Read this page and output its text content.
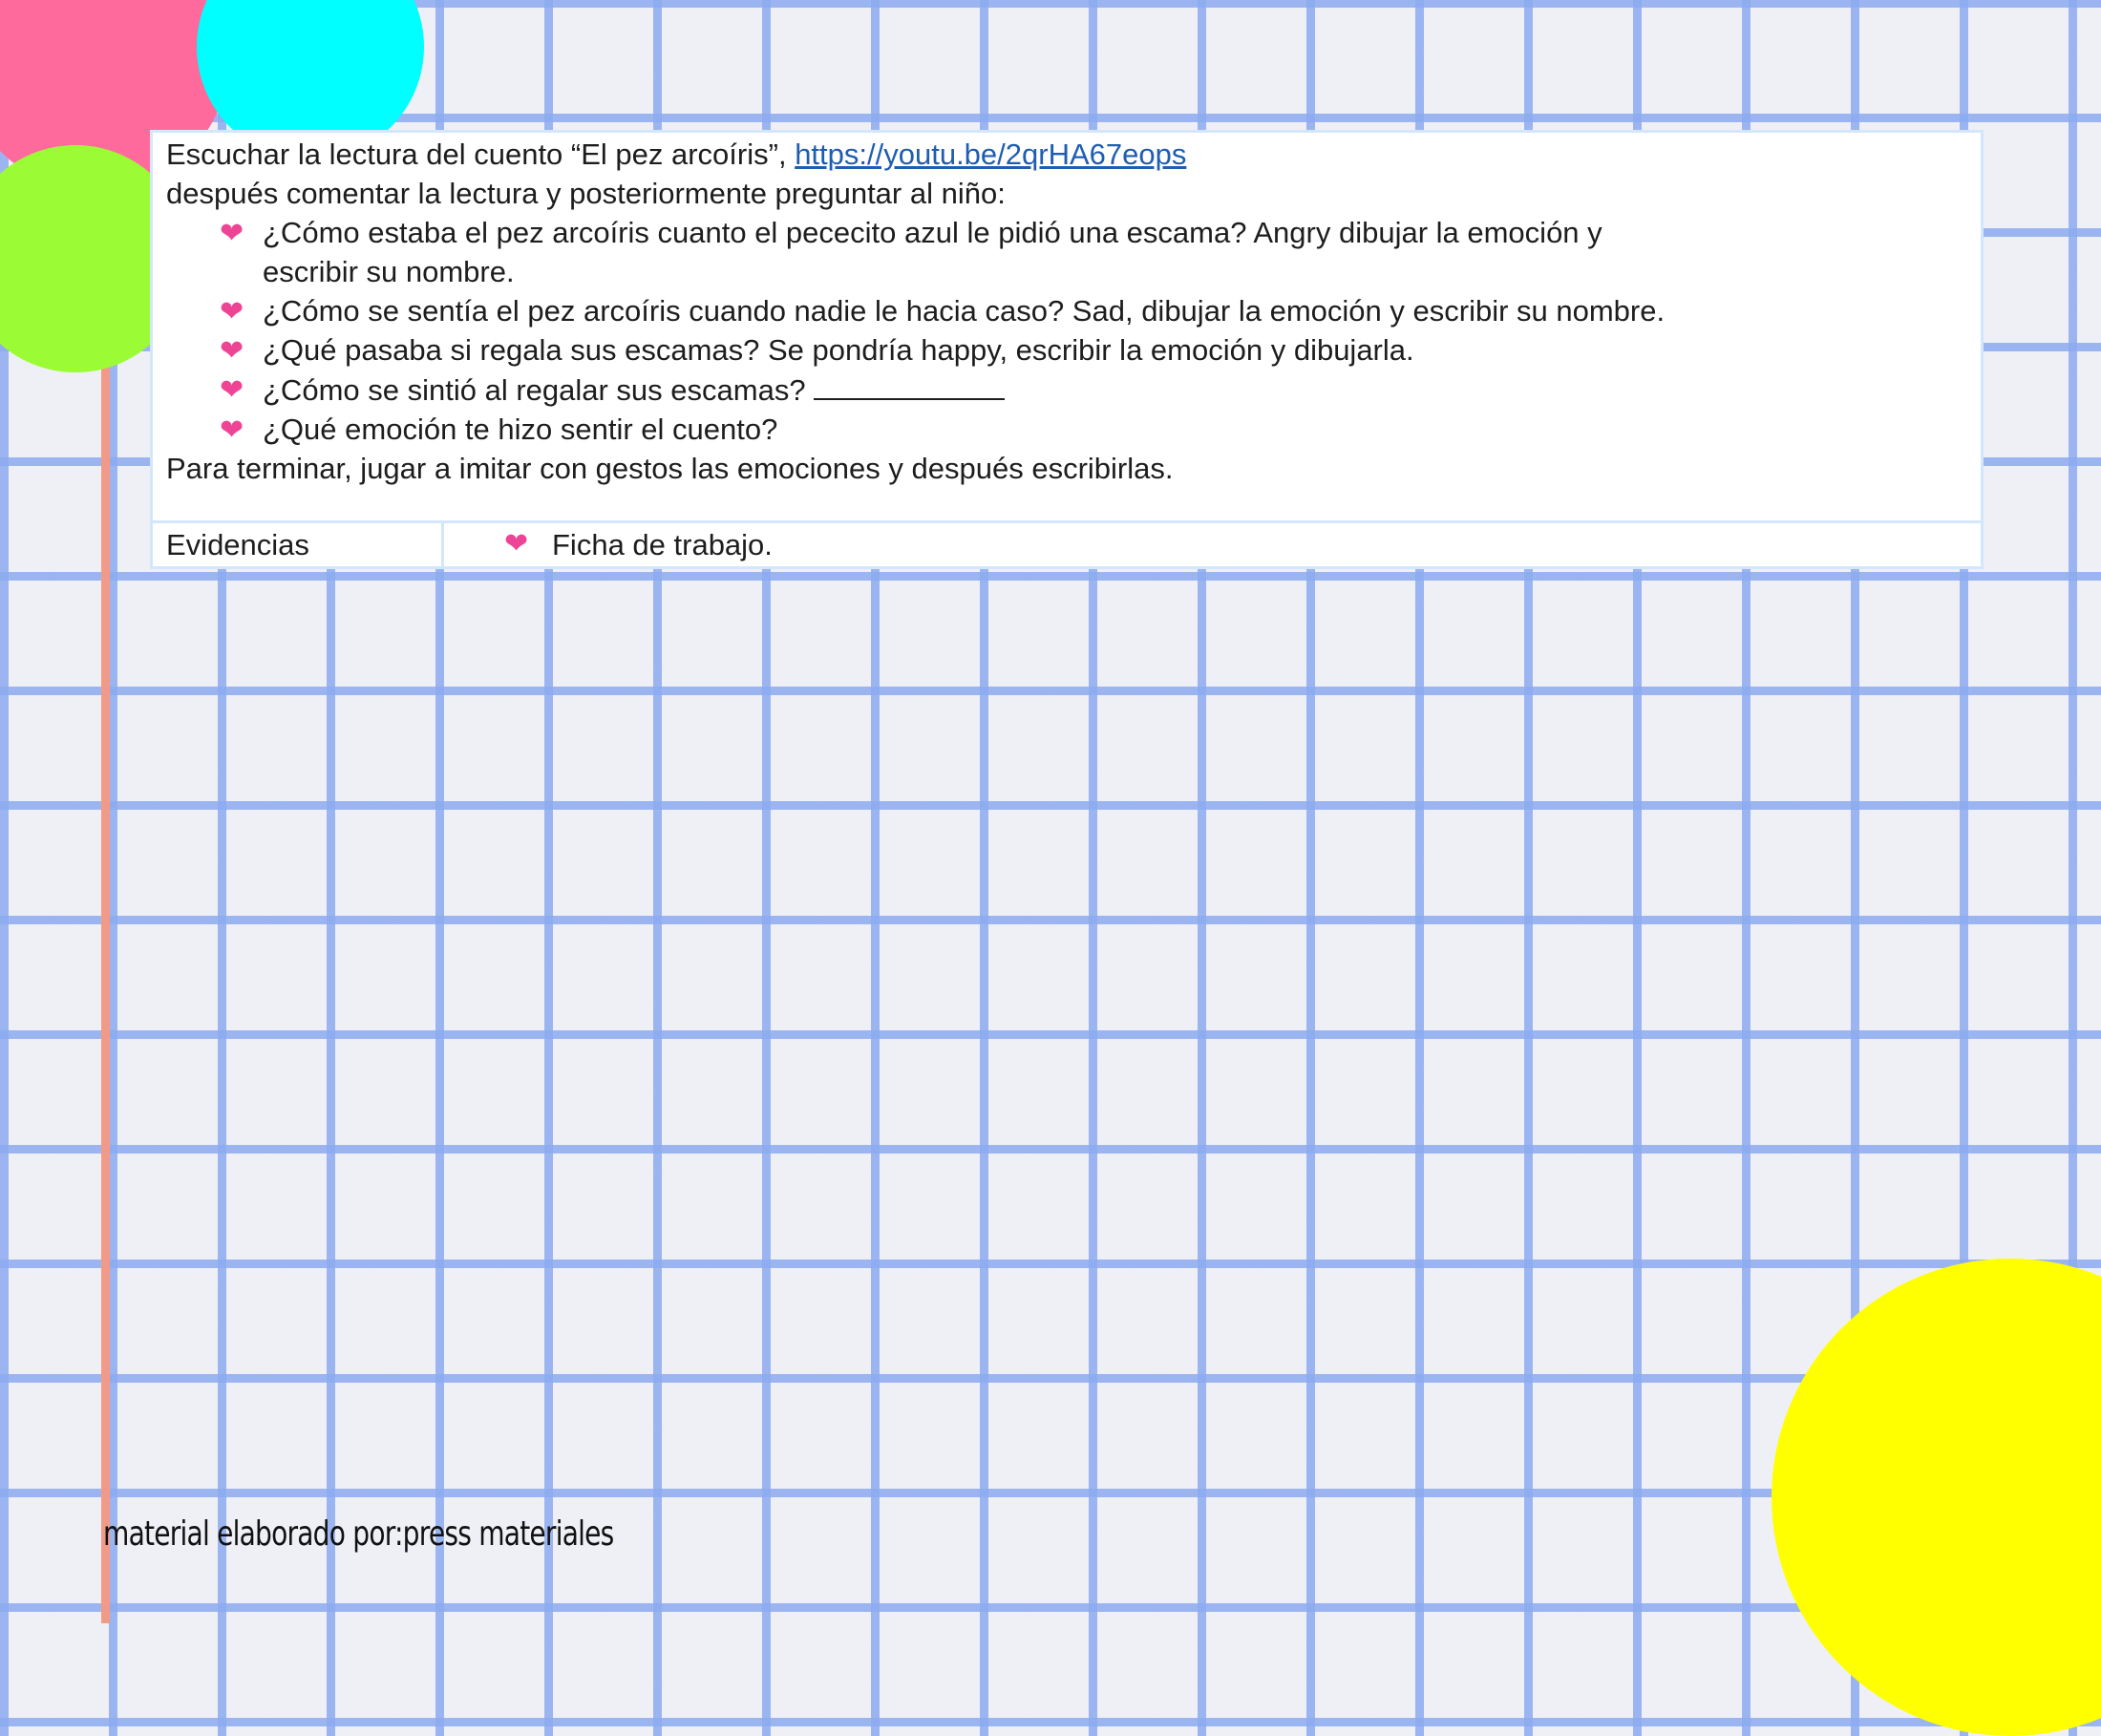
Escuchar la lectura del cuento “El pez arcoíris”, https://youtu.be/2qrHA67eops

después comentar la lectura y posteriormente preguntar al niño:

❤ ¿Cómo estaba el pez arcoíris cuanto el pececito azul le pidió una escama? Angry dibujar la emoción y
escribir su nombre.
❤ ¿Cómo se sentía el pez arcoíris cuando nadie le hacia caso? Sad, dibujar la emoción y escribir su nombre.
❤ ¿Qué pasaba si regala sus escamas? Se pondría happy, escribir la emoción y dibujarla.
❤ ¿Cómo se sintió al regalar sus escamas?
❤ ¿Qué emoción te hizo sentir el cuento?

Para terminar, jugar a imitar con gestos las emociones y después escribirlas.

Evidencias	❤ Ficha de trabajo.
material elaborado por:press materiales
